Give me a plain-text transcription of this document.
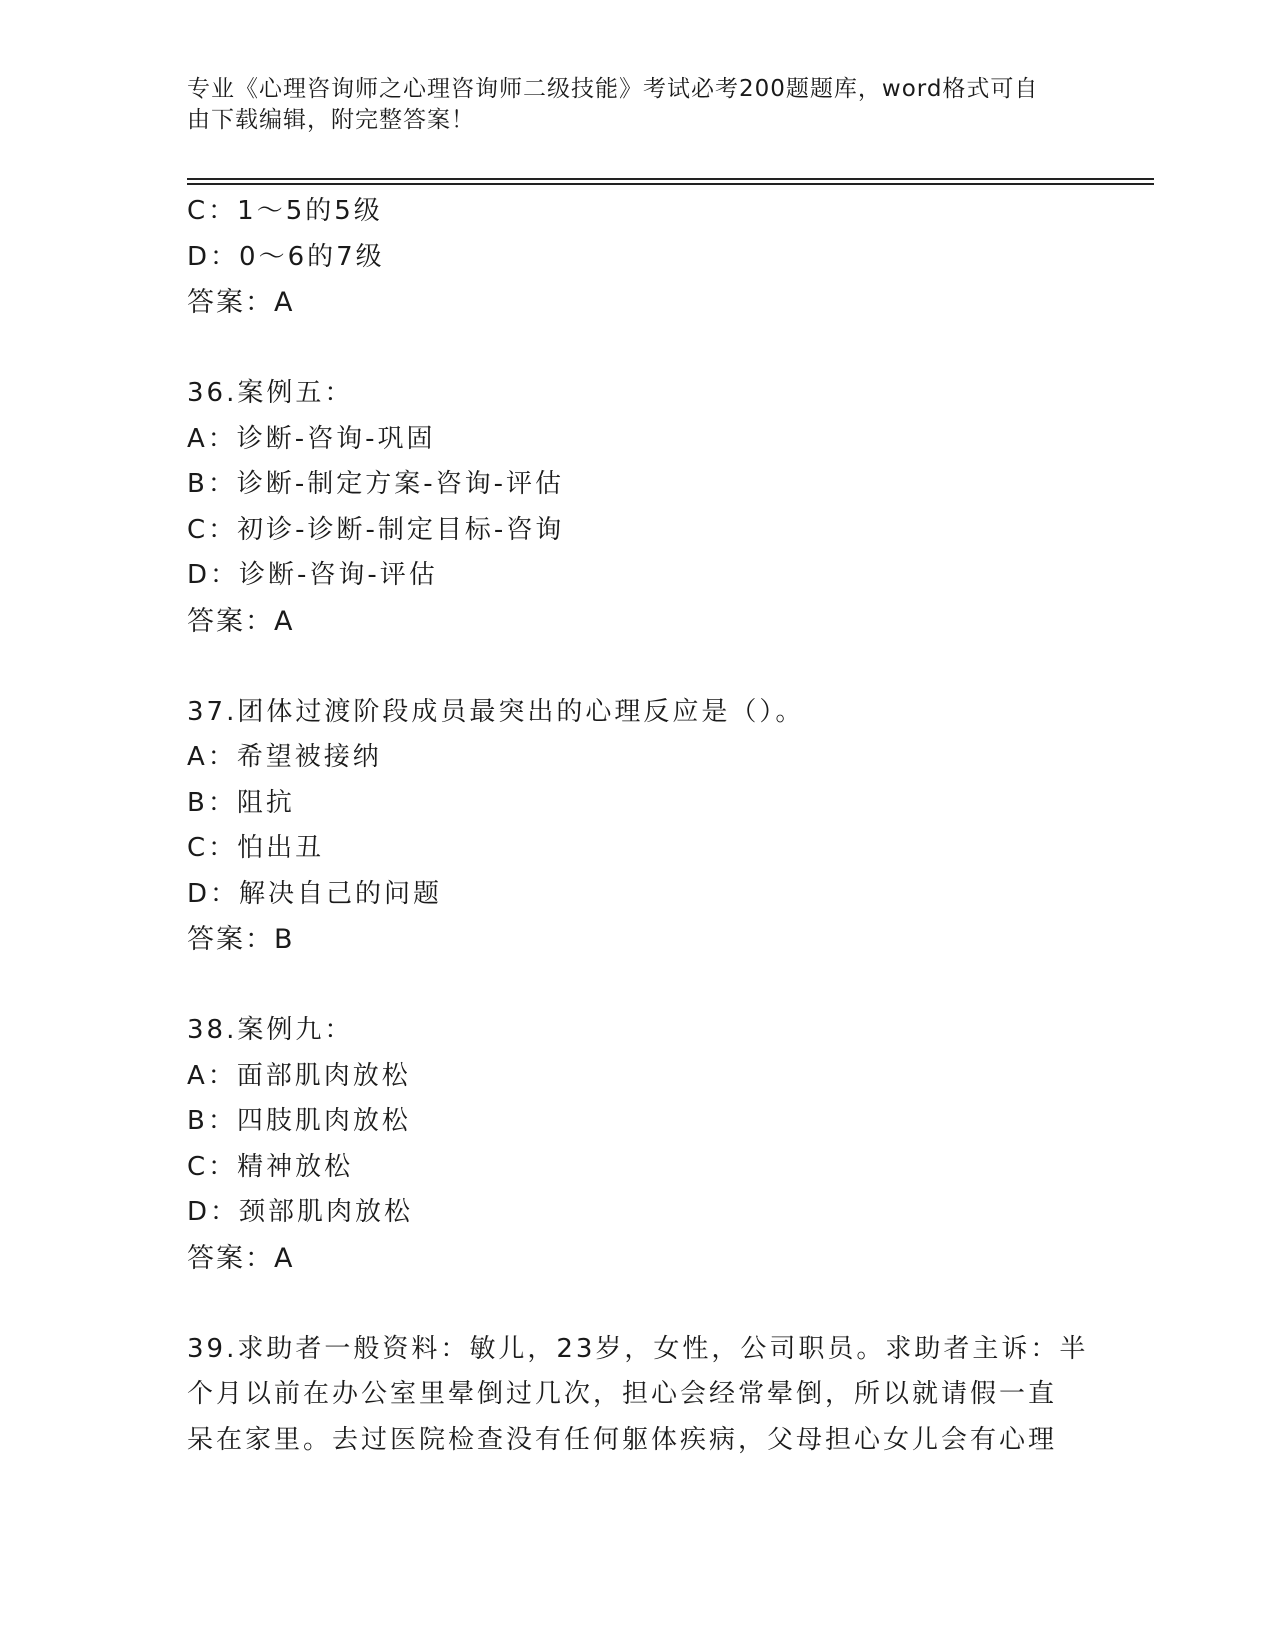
专业《心理咨询师之心理咨询师二级技能》考试必考200题题库，word格式可自
由下载编辑，附完整答案！
C：1～5的5级
D：0～6的7级
答案：A
36.案例五：
A：诊断-咨询-巩固
B：诊断-制定方案-咨询-评估
C：初诊-诊断-制定目标-咨询
D：诊断-咨询-评估
答案：A
37.团体过渡阶段成员最突出的心理反应是（）。
A：希望被接纳
B：阻抗
C：怕出丑
D：解决自己的问题
答案：B
38.案例九：
A：面部肌肉放松
B：四肢肌肉放松
C：精神放松
D：颈部肌肉放松
答案：A
39.求助者一般资料：敏儿，23岁，女性，公司职员。求助者主诉：半
个月以前在办公室里晕倒过几次，担心会经常晕倒，所以就请假一直
呆在家里。去过医院检查没有任何躯体疾病，父母担心女儿会有心理
